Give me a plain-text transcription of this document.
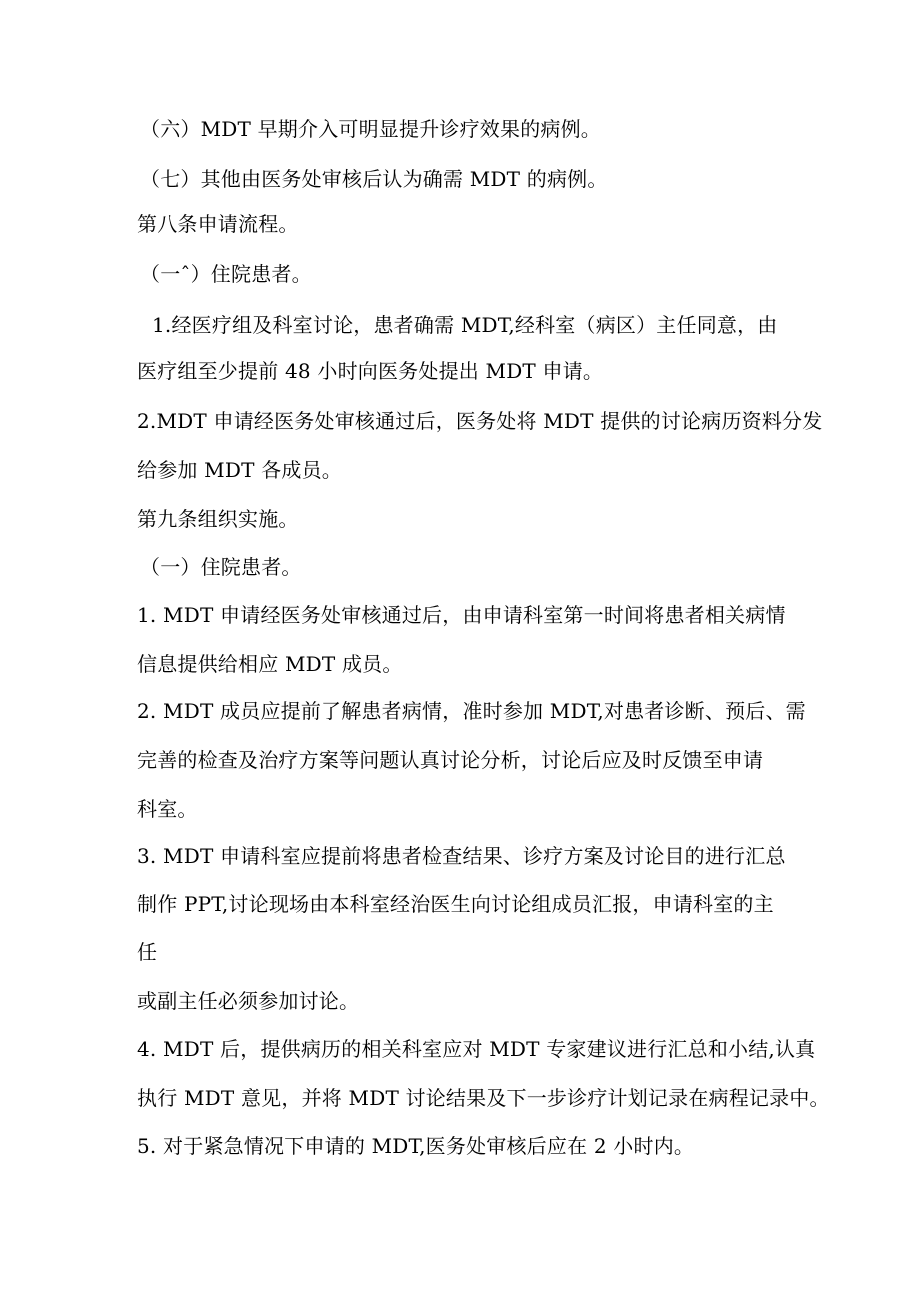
（六）MDT 早期介入可明显提升诊疗效果的病例。
（七）其他由医务处审核后认为确需 MDT 的病例。
第八条申请流程。
（一ˆ）住院患者。
1.经医疗组及科室讨论，患者确需 MDT,经科室（病区）主任同意，由
医疗组至少提前 48 小时向医务处提出 MDT 申请。
2.MDT 申请经医务处审核通过后，医务处将 MDT 提供的讨论病历资料分发
给参加 MDT 各成员。
第九条组织实施。
（一）住院患者。
1. MDT 申请经医务处审核通过后，由申请科室第一时间将患者相关病情
信息提供给相应 MDT 成员。
2. MDT 成员应提前了解患者病情，准时参加 MDT,对患者诊断、预后、需
完善的检查及治疗方案等问题认真讨论分析，讨论后应及时反馈至申请
科室。
3. MDT 申请科室应提前将患者检查结果、诊疗方案及讨论目的进行汇总
制作 PPT,讨论现场由本科室经治医生向讨论组成员汇报，申请科室的主
任
或副主任必须参加讨论。
4. MDT 后，提供病历的相关科室应对 MDT 专家建议进行汇总和小结,认真
执行 MDT 意见，并将 MDT 讨论结果及下一步诊疗计划记录在病程记录中。
5. 对于紧急情况下申请的 MDT,医务处审核后应在 2 小时内。
